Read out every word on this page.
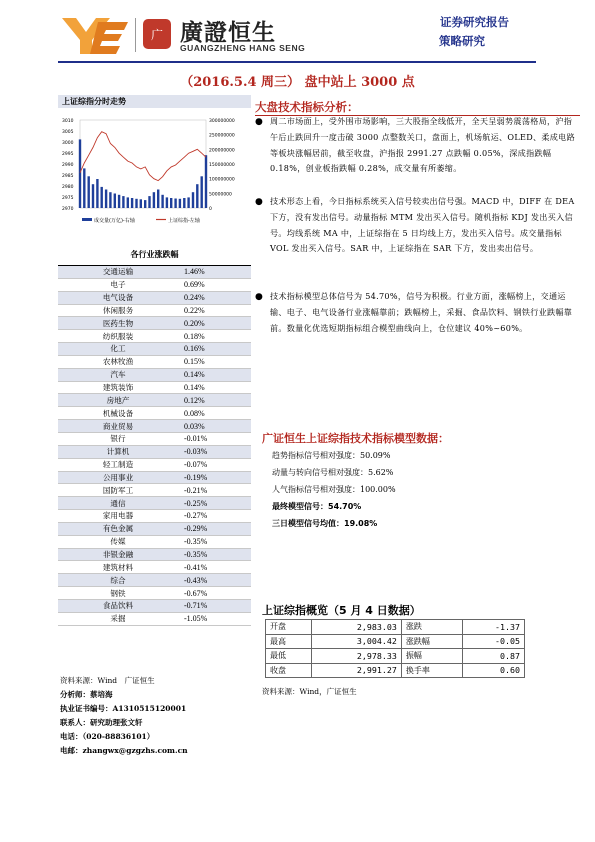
广 廣證恒生
GUANGZHENG HANG SENG
证券研究报告
策略研究
（2016.5.4 周三） 盘中站上 3000 点
上证综指分时走势
3010
3005
3000
2995
2990
2985
2980
2975
2970
300000000
250000000
200000000
150000000
100000000
50000000
0
成交量(万亿)-右轴	上证综指-左轴
各行业涨跌幅
交通运输	1.46%
电子	0.69%
电气设备	0.24%
休闲服务	0.22%
医药生物	0.20%
纺织服装	0.18%
化工	0.16%
农林牧渔	0.15%
汽车	0.14%
建筑装饰	0.14%
房地产	0.12%
机械设备	0.08%
商业贸易	0.03%
银行	-0.01%
计算机	-0.03%
轻工制造	-0.07%
公用事业	-0.19%
国防军工	-0.21%
通信	-0.25%
家用电器	-0.27%
有色金属	-0.29%
传媒	-0.35%
非银金融	-0.35%
建筑材料	-0.41%
综合	-0.43%
钢铁	-0.67%
食品饮料	-0.71%
采掘	-1.05%
资料来源：Wind　广证恒生
分析师：蔡培海
执业证书编号：A1310515120001
联系人：研究助理张文轩
电话：（020-88836101）
电邮：zhangwx@gzgzhs.com.cn
大盘技术指标分析：
● 周二市场面上，受外围市场影响，三大股指全线低开，全天呈弱势震荡格局，沪指午后止跌回升一度击破 3000 点整数关口，盘面上，机场航运、OLED、柔成电路等板块涨幅居前，截至收盘，沪指报 2991.27 点跌幅 0.05%，深成指跌幅 0.18%，创业板指跌幅 0.28%，成交量有所萎缩。
● 技术形态上看，今日指标系统买入信号较卖出信号强。MACD 中，DIFF 在 DEA 下方，没有发出信号。动量指标 MTM 发出买入信号。随机指标 KDJ 发出买入信号。均线系统 MA 中，上证综指在 5 日均线上方，发出买入信号。成交量指标 VOL 发出买入信号。SAR 中，上证综指在 SAR 下方，发出卖出信号。
● 技术指标模型总体信号为 54.70%，信号为积极。行业方面，涨幅榜上，交通运输、电子、电气设备行业涨幅靠前；跌幅榜上，采掘、食品饮料、钢铁行业跌幅靠前。数量化优选短期指标组合模型曲线向上，仓位建议 40%~60%。
广证恒生上证综指技术指标模型数据：
趋势指标信号相对强度：50.09%
动量与转向信号相对强度：5.62%
人气指标信号相对强度：100.00%
最终模型信号：54.70%
三日模型信号均值：19.08%
上证综指概览（5 月 4 日数据）
开盘	2,983.03	涨跌	-1.37
最高	3,004.42	涨跌幅	-0.05
最低	2,978.33	振幅	0.87
收盘	2,991.27	换手率	0.60
资料来源：Wind，广证恒生
